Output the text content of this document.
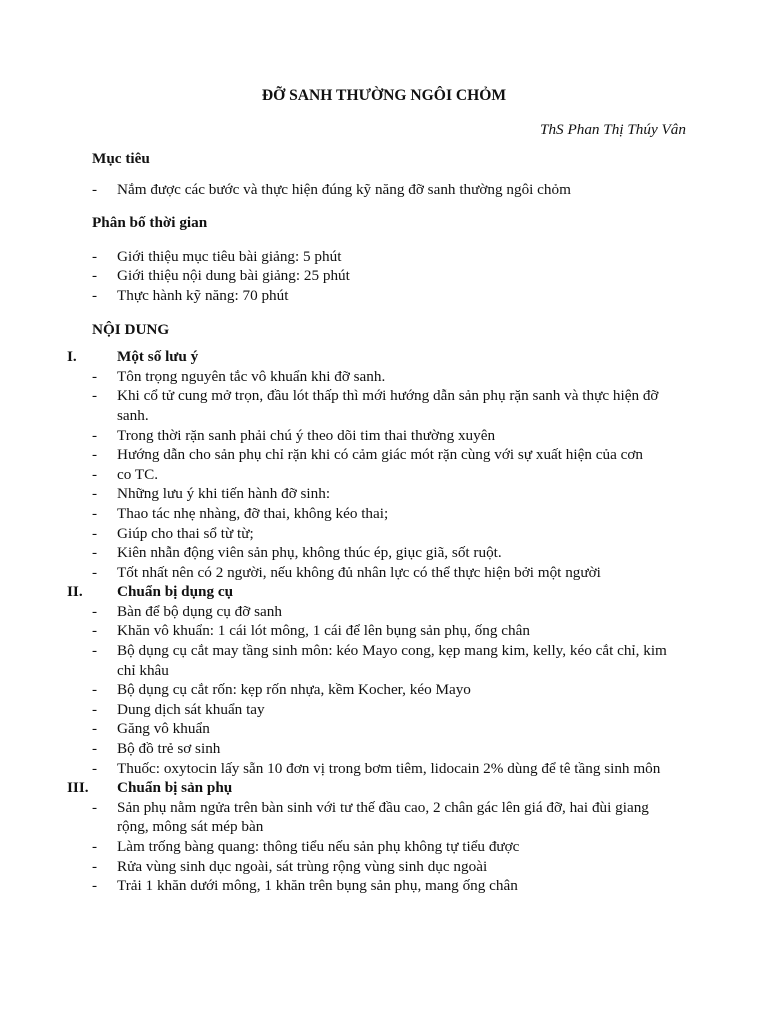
ĐỠ SANH THƯỜNG NGÔI CHỎM
ThS Phan Thị Thúy Vân
Mục tiêu
- Nắm được các bước và thực hiện đúng kỹ năng đỡ sanh thường ngôi chỏm
Phân bố thời gian
- Giới thiệu mục tiêu bài giảng: 5 phút
- Giới thiệu nội dung bài giảng: 25 phút
- Thực hành kỹ năng: 70 phút
NỘI DUNG
I.	Một số lưu ý
- Tôn trọng nguyên tắc vô khuẩn khi đỡ sanh.
- Khi cổ tử cung mở trọn, đầu lót thấp thì mới hướng dẫn sản phụ rặn sanh và thực hiện đỡ sanh.
- Trong thời rặn sanh phải chú ý theo dõi tim thai thường xuyên
- Hướng dẫn cho sản phụ chỉ rặn khi có cảm giác mót rặn cùng với sự xuất hiện của cơn
- co TC.
- Những lưu ý khi tiến hành đỡ sinh:
- Thao tác nhẹ nhàng, đỡ thai, không kéo thai;
- Giúp cho thai sổ từ từ;
- Kiên nhẫn động viên sản phụ, không thúc ép, giục giã, sốt ruột.
- Tốt nhất nên có 2 người, nếu không đủ nhân lực có thể thực hiện bởi một người
II.	Chuẩn bị dụng cụ
- Bàn để bộ dụng cụ đỡ sanh
- Khăn vô khuẩn: 1 cái lót mông, 1 cái để lên bụng sản phụ, ống chân
- Bộ dụng cụ cắt may tầng sinh môn: kéo Mayo cong, kẹp mang kim, kelly, kéo cắt chỉ, kim chỉ khâu
- Bộ dụng cụ cắt rốn: kẹp rốn nhựa, kềm Kocher, kéo Mayo
- Dung dịch sát khuẩn tay
- Găng vô khuẩn
- Bộ đồ trẻ sơ sinh
- Thuốc: oxytocin lấy sẵn 10 đơn vị trong bơm tiêm, lidocain 2% dùng để tê tầng sinh môn
III.	Chuẩn bị sản phụ
- Sản phụ nằm ngửa trên bàn sinh với tư thế đầu cao, 2 chân gác lên giá đỡ, hai đùi giang rộng, mông sát mép bàn
- Làm trống bàng quang: thông tiểu nếu sản phụ không tự tiểu được
- Rửa vùng sinh dục ngoài, sát trùng rộng vùng sinh dục ngoài
- Trải 1 khăn dưới mông, 1 khăn trên bụng sản phụ, mang ống chân
